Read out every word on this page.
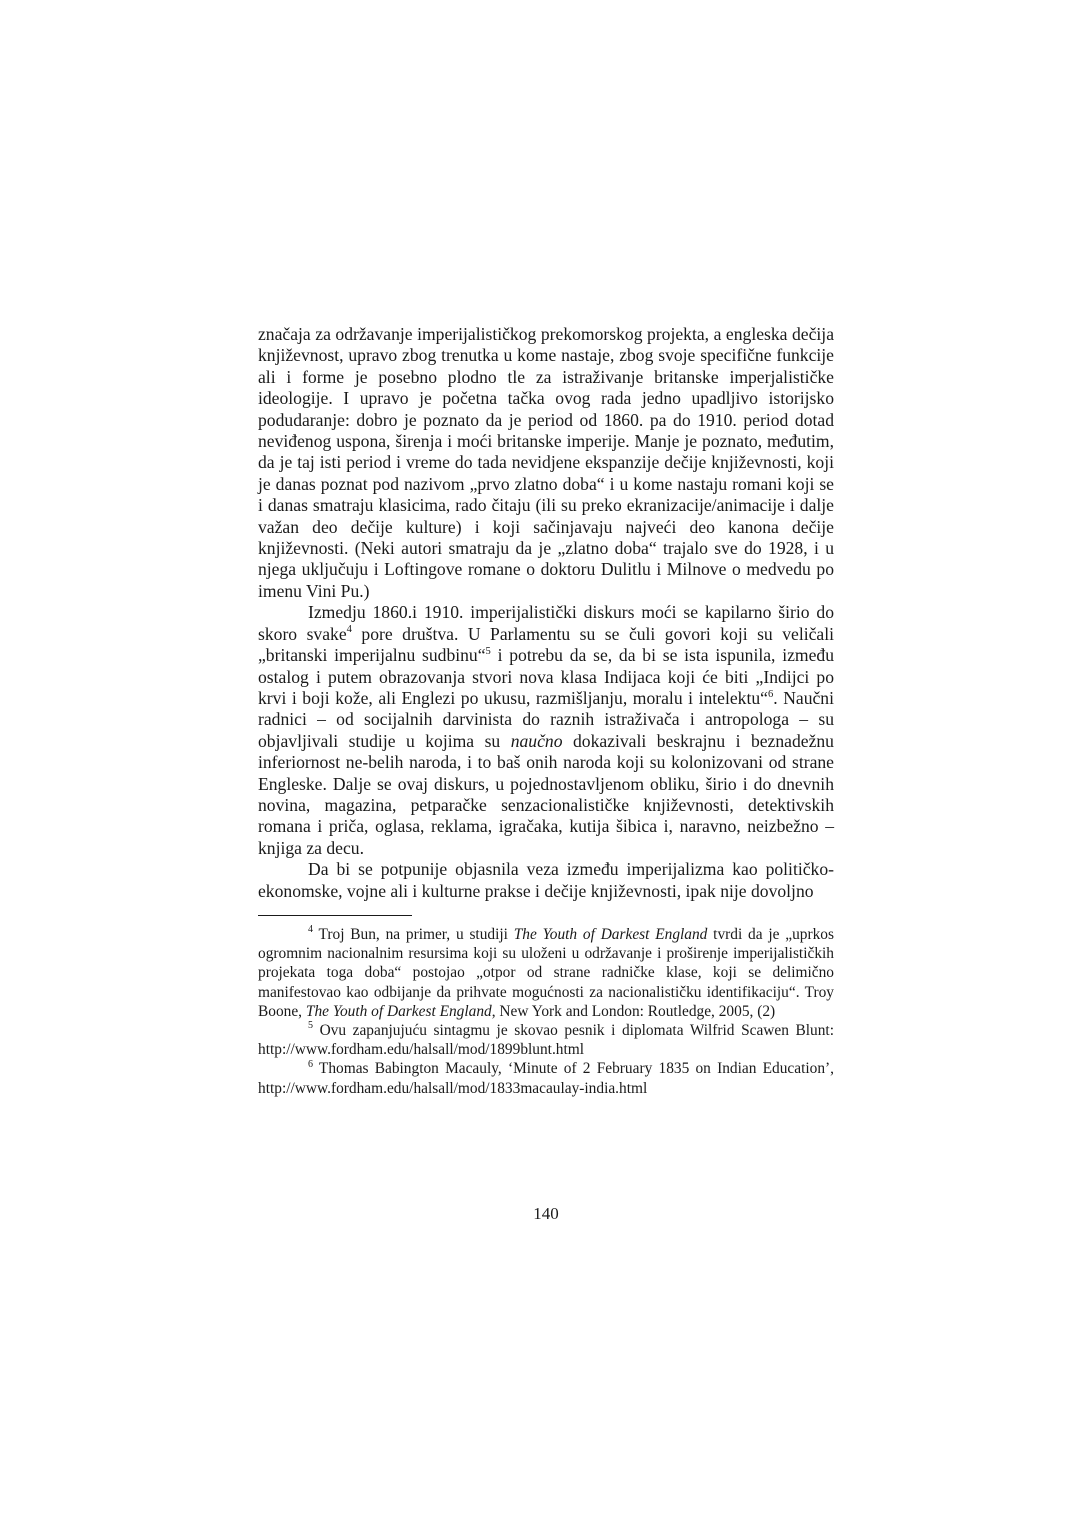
značaja za održavanje imperijalističkog prekomorskog projekta, a engleska dečija književnost, upravo zbog trenutka u kome nastaje, zbog svoje specifične funkcije ali i forme je posebno plodno tle za istraživanje britanske imperjalističke ideologije. I upravo je početna tačka ovog rada jedno upadljivo istorijsko podudaranje: dobro je poznato da je period od 1860. pa do 1910. period dotad neviđenog uspona, širenja i moći britanske imperije. Manje je poznato, međutim, da je taj isti period i vreme do tada nevidjene ekspanzije dečije književnosti, koji je danas poznat pod nazivom „prvo zlatno doba“ i u kome nastaju romani koji se i danas smatraju klasicima, rado čitaju (ili su preko ekranizacije/animacije i dalje važan deo dečije kulture) i koji sačinjavaju najveći deo kanona dečije književnosti. (Neki autori smatraju da je „zlatno doba“ trajalo sve do 1928, i u njega uključuju i Loftingove romane o doktoru Dulitlu i Milnove o medvedu po imenu Vini Pu.)

Izmedju 1860.i 1910. imperijalistički diskurs moći se kapilarno širio do skoro svake$^4$ pore društva. U Parlamentu su se čuli govori koji su veličali „britanski imperijalnu sudbinu“$^5$ i potrebu da se, da bi se ista ispunila, između ostalog i putem obrazovanja stvori nova klasa Indijaca koji će biti „Indijci po krvi i boji kože, ali Englezi po ukusu, razmišljanju, moralu i intelektu“$^6$. Naučni radnici – od socijalnih darvinista do raznih istraživača i antropologa – su objavljivali studije u kojima su naučno dokazivali beskrajnu i beznadežnu inferiornost ne-belih naroda, i to baš onih naroda koji su kolonizovani od strane Engleske. Dalje se ovaj diskurs, u pojednostavljenom obliku, širio i do dnevnih novina, magazina, petparačke senzacionalističke književnosti, detektivskih romana i priča, oglasa, reklama, igračaka, kutija šibica i, naravno, neizbežno – knjiga za decu.

Da bi se potpunije objasnila veza između imperijalizma kao političko-ekonomske, vojne ali i kulturne prakse i dečije književnosti, ipak nije dovoljno

$^4$ Troj Bun, na primer, u studiji The Youth of Darkest England tvrdi da je „uprkos ogromnim nacionalnim resursima koji su uloženi u održavanje i proširenje imperijalističkih projekata toga doba“ postojao „otpor od strane radničke klase, koji se delimično manifestovao kao odbijanje da prihvate mogućnosti za nacionalističku identifikaciju“. Troy Boone, The Youth of Darkest England, New York and London: Routledge, 2005, (2)

$^5$ Ovu zapanjujuću sintagmu je skovao pesnik i diplomata Wilfrid Scawen Blunt: http://www.fordham.edu/halsall/mod/1899blunt.html

$^6$ Thomas Babington Macauly, ‘Minute of 2 February 1835 on Indian Education’, http://www.fordham.edu/halsall/mod/1833macaulay-india.html

140
